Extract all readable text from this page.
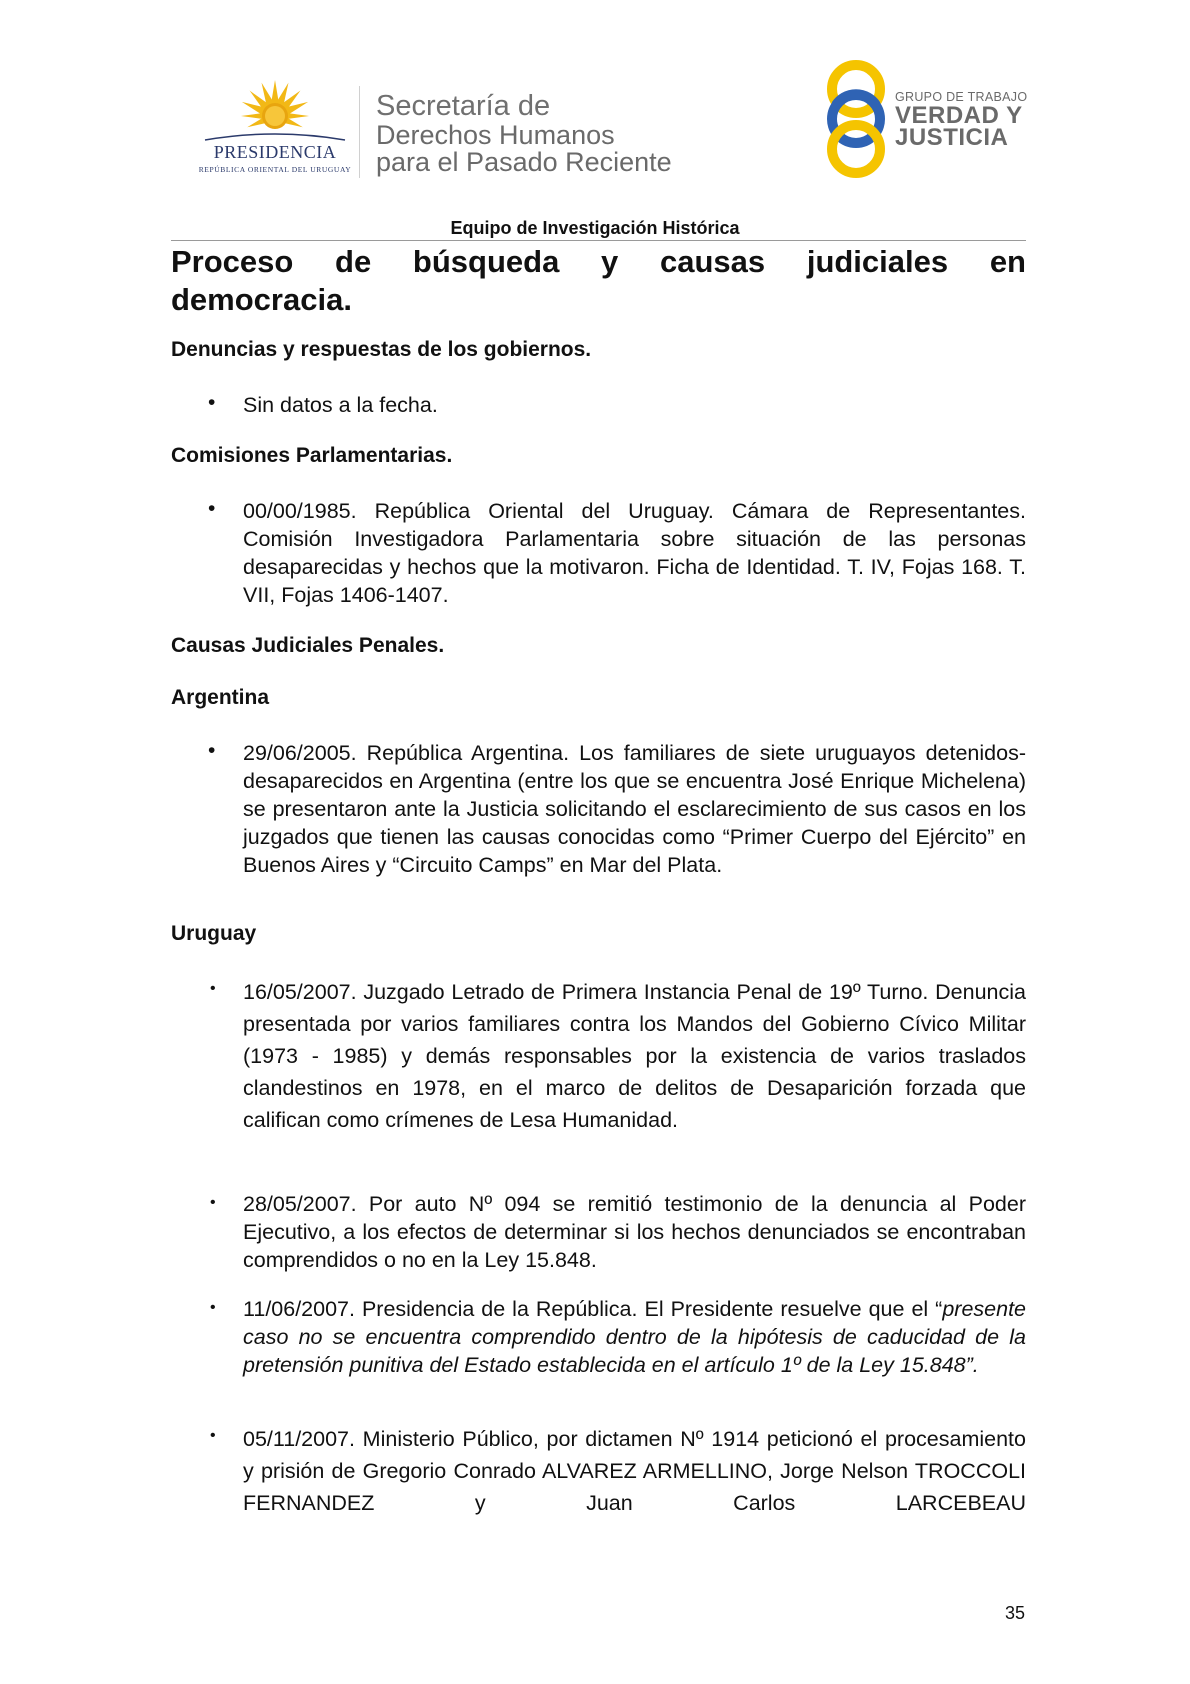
PRESIDENCIA
REPÚBLICA ORIENTAL DEL URUGUAY
Secretaría de
Derechos Humanos
para el Pasado Reciente
GRUPO DE TRABAJO
VERDAD Y
JUSTICIA
Equipo de Investigación Histórica
Proceso de búsqueda y causas judiciales en
democracia.
Denuncias y respuestas de los gobiernos.
• Sin datos a la fecha.
Comisiones Parlamentarias.
• 00/00/1985. República Oriental del Uruguay. Cámara de Representantes. Comisión Investigadora Parlamentaria sobre situación de las personas desaparecidas y hechos que la motivaron. Ficha de Identidad. T. IV, Fojas 168. T. VII, Fojas 1406-1407.
Causas Judiciales Penales.
Argentina
• 29/06/2005. República Argentina. Los familiares de siete uruguayos detenidos-desaparecidos en Argentina (entre los que se encuentra José Enrique Michelena) se presentaron ante la Justicia solicitando el esclarecimiento de sus casos en los juzgados que tienen las causas conocidas como “Primer Cuerpo del Ejército” en Buenos Aires y “Circuito Camps” en Mar del Plata.
Uruguay
• 16/05/2007. Juzgado Letrado de Primera Instancia Penal de 19º Turno. Denuncia presentada por varios familiares contra los Mandos del Gobierno Cívico Militar (1973 - 1985) y demás responsables por la existencia de varios traslados clandestinos en 1978, en el marco de delitos de Desaparición forzada que califican como crímenes de Lesa Humanidad.
• 28/05/2007. Por auto Nº 094 se remitió testimonio de la denuncia al Poder Ejecutivo, a los efectos de determinar si los hechos denunciados se encontraban comprendidos o no en la Ley 15.848.
• 11/06/2007. Presidencia de la República. El Presidente resuelve que el “presente caso no se encuentra comprendido dentro de la hipótesis de caducidad de la pretensión punitiva del Estado establecida en el artículo 1º de la Ley 15.848”.
• 05/11/2007. Ministerio Público, por dictamen Nº 1914 peticionó el procesamiento y prisión de Gregorio Conrado ALVAREZ ARMELLINO, Jorge Nelson TROCCOLI FERNANDEZ y Juan Carlos LARCEBEAU
35
